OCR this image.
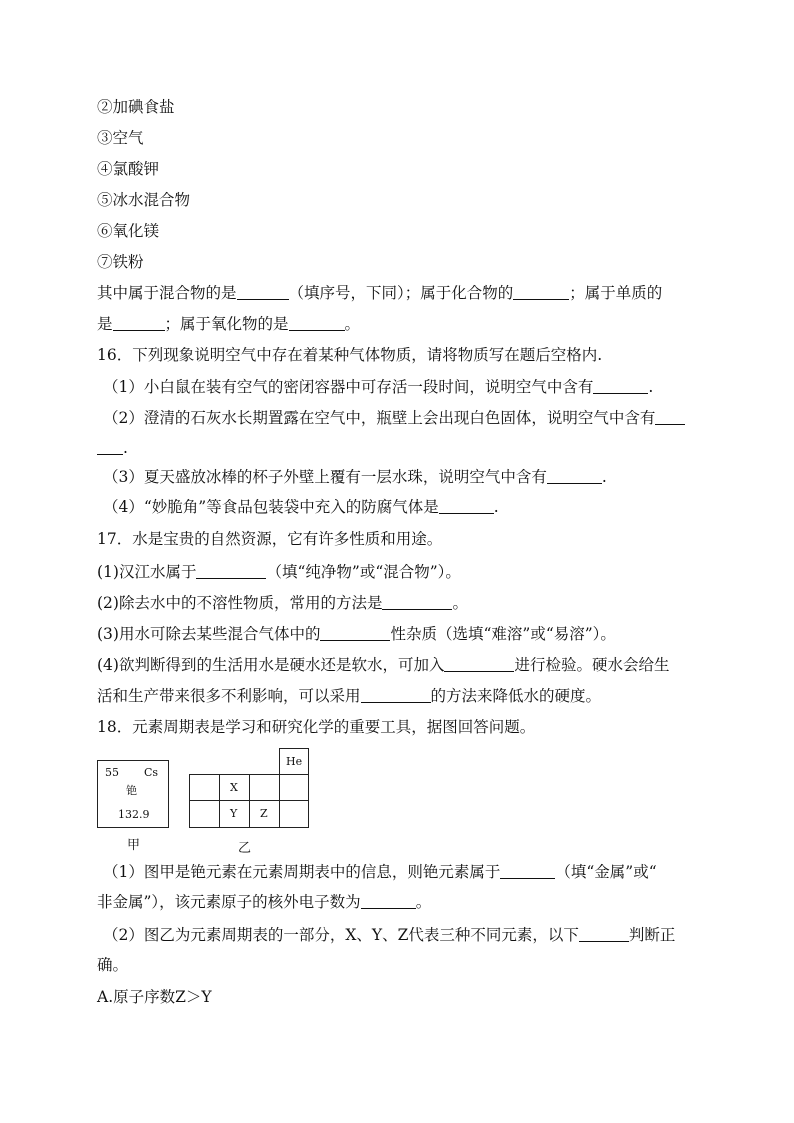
②加碘食盐
③空气
④氯酸钾
⑤冰水混合物
⑥氧化镁
⑦铁粉
其中属于混合物的是	（填序号，下同）；属于化合物的	；属于单质的
是	；属于氧化物的是	。
16．下列现象说明空气中存在着某种气体物质，请将物质写在题后空格内.
（1）小白鼠在装有空气的密闭容器中可存活一段时间，说明空气中含有	.
（2）澄清的石灰水长期置露在空气中，瓶壁上会出现白色固体，说明空气中含有
.
（3）夏天盛放冰棒的杯子外壁上覆有一层水珠，说明空气中含有	.
（4）“妙脆角”等食品包装袋中充入的防腐气体是	.
17．水是宝贵的自然资源，它有许多性质和用途。
(1)汉江水属于	（填“纯净物”或“混合物”）。
(2)除去水中的不溶性物质，常用的方法是	。
(3)用水可除去某些混合气体中的	性杂质（选填“难溶”或“易溶”）。
(4)欲判断得到的生活用水是硬水还是软水，可加入	进行检验。硬水会给生
活和生产带来很多不利影响，可以采用	的方法来降低水的硬度。
18．元素周期表是学习和研究化学的重要工具，据图回答问题。
55 Cs
铯
132.9
甲
He
X
Y Z
乙
（1）图甲是铯元素在元素周期表中的信息，则铯元素属于	（填“金属”或“
非金属”），该元素原子的核外电子数为	。
（2）图乙为元素周期表的一部分，X、Y、Z代表三种不同元素，以下	判断正
确。
A.原子序数Z＞Y
